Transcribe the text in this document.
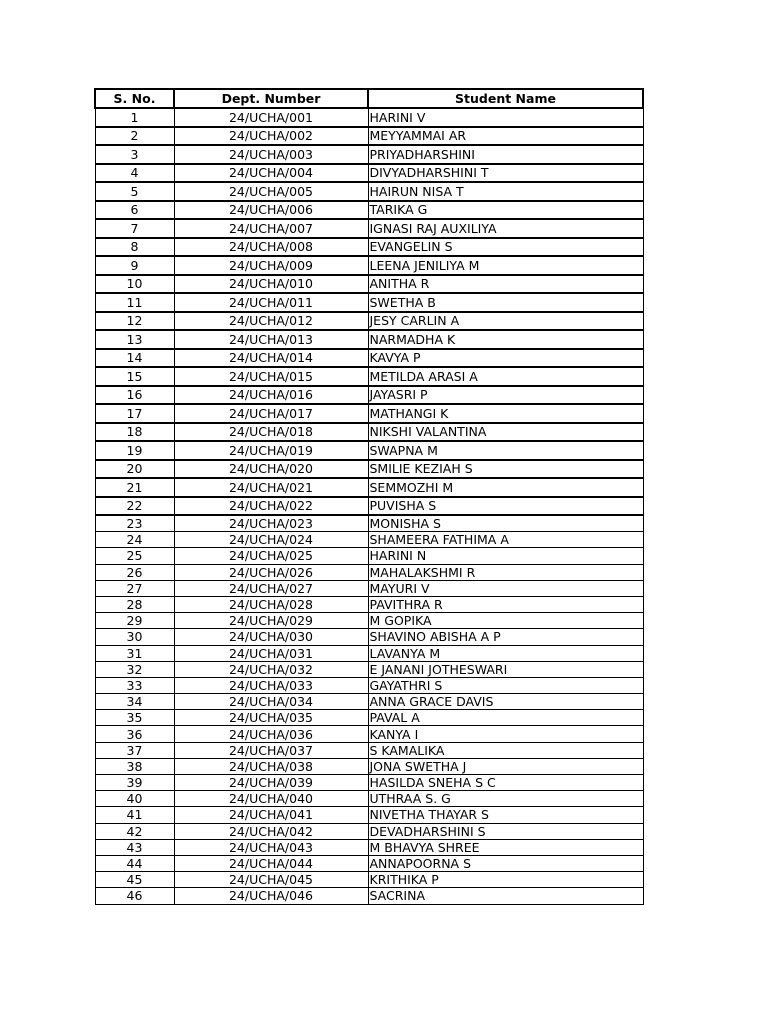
S. No.	Dept. Number	Student Name
1	24/UCHA/001	HARINI V
2	24/UCHA/002	MEYYAMMAI AR
3	24/UCHA/003	PRIYADHARSHINI
4	24/UCHA/004	DIVYADHARSHINI T
5	24/UCHA/005	HAIRUN NISA T
6	24/UCHA/006	TARIKA G
7	24/UCHA/007	IGNASI RAJ AUXILIYA
8	24/UCHA/008	EVANGELIN S
9	24/UCHA/009	LEENA JENILIYA M
10	24/UCHA/010	ANITHA R
11	24/UCHA/011	SWETHA B
12	24/UCHA/012	JESY CARLIN A
13	24/UCHA/013	NARMADHA K
14	24/UCHA/014	KAVYA P
15	24/UCHA/015	METILDA ARASI A
16	24/UCHA/016	JAYASRI P
17	24/UCHA/017	MATHANGI K
18	24/UCHA/018	NIKSHI VALANTINA
19	24/UCHA/019	SWAPNA M
20	24/UCHA/020	SMILIE KEZIAH S
21	24/UCHA/021	SEMMOZHI M
22	24/UCHA/022	PUVISHA S
23	24/UCHA/023	MONISHA S
24	24/UCHA/024	SHAMEERA FATHIMA A
25	24/UCHA/025	HARINI N
26	24/UCHA/026	MAHALAKSHMI R
27	24/UCHA/027	MAYURI V
28	24/UCHA/028	PAVITHRA R
29	24/UCHA/029	M GOPIKA
30	24/UCHA/030	SHAVINO ABISHA A P
31	24/UCHA/031	LAVANYA M
32	24/UCHA/032	E JANANI JOTHESWARI
33	24/UCHA/033	GAYATHRI S
34	24/UCHA/034	ANNA GRACE DAVIS
35	24/UCHA/035	PAVAL A
36	24/UCHA/036	KANYA I
37	24/UCHA/037	S KAMALIKA
38	24/UCHA/038	JONA SWETHA J
39	24/UCHA/039	HASILDA SNEHA S C
40	24/UCHA/040	UTHRAA S. G
41	24/UCHA/041	NIVETHA THAYAR S
42	24/UCHA/042	DEVADHARSHINI S
43	24/UCHA/043	M BHAVYA SHREE
44	24/UCHA/044	ANNAPOORNA S
45	24/UCHA/045	KRITHIKA P
46	24/UCHA/046	SACRINA
